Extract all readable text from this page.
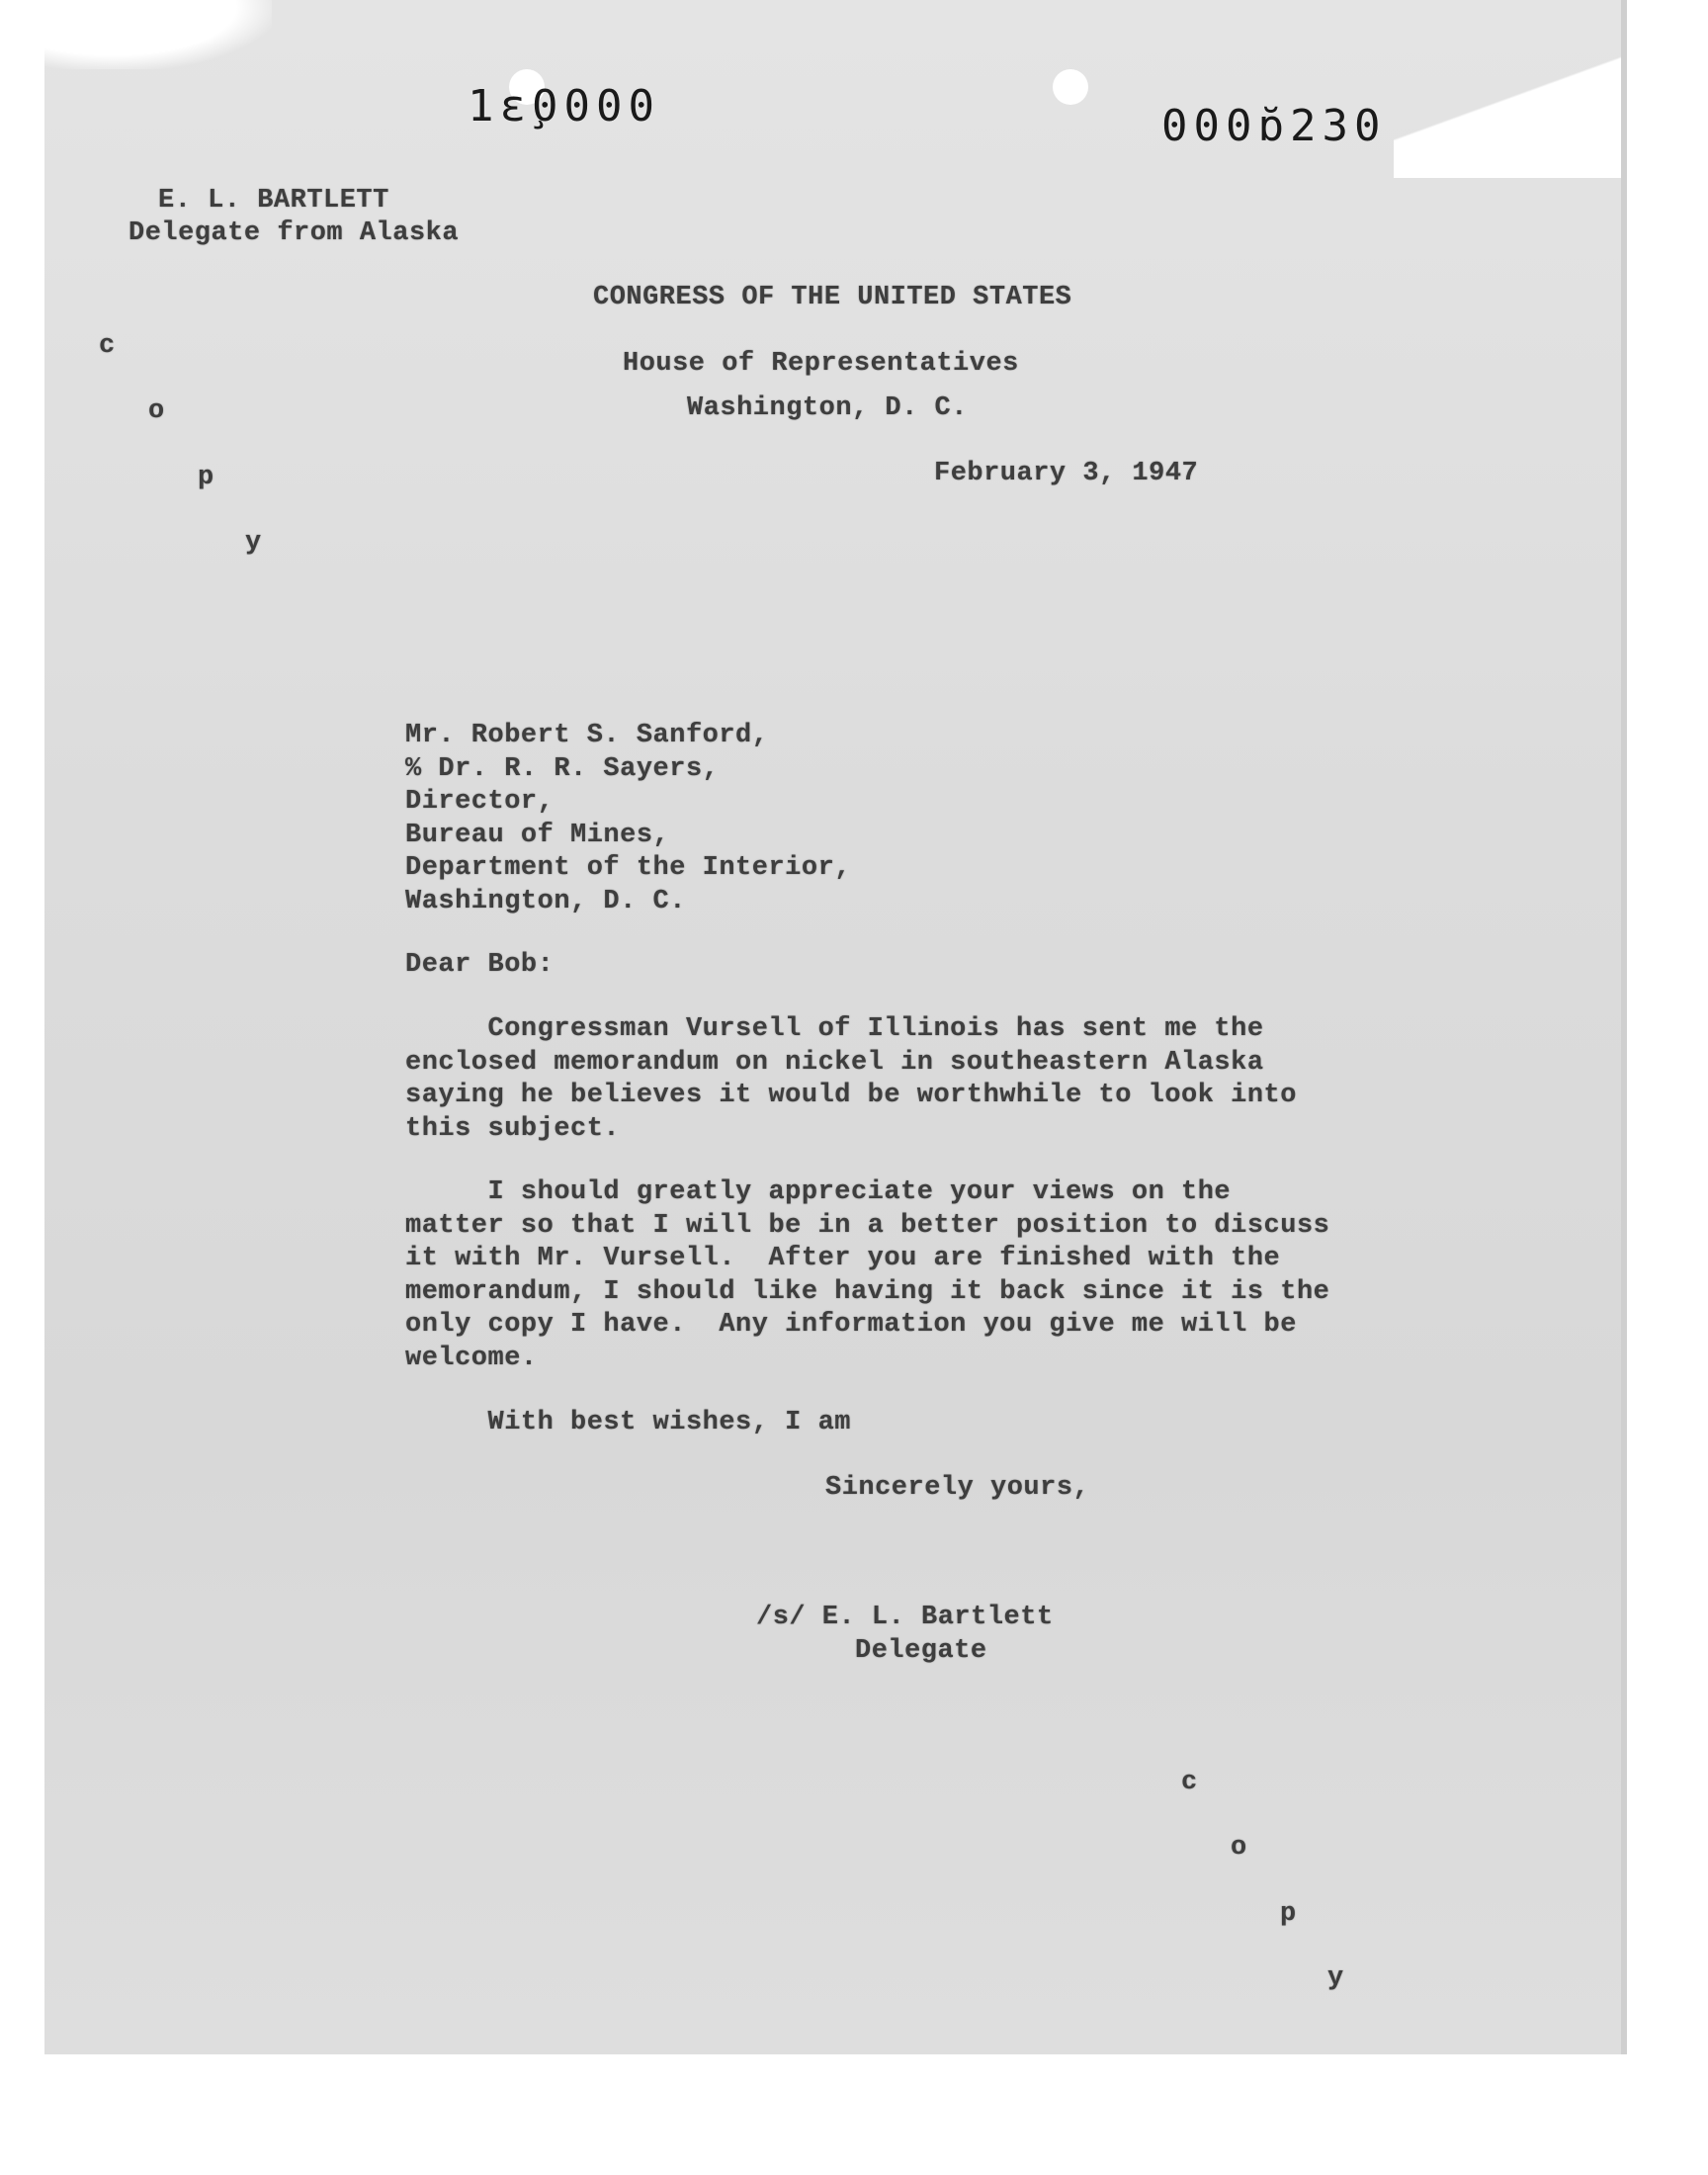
1ɛ̧0000	000ɒ̆230
E. L. BARTLETT
Delegate from Alaska
CONGRESS OF THE UNITED STATES
House of Representatives
Washington, D. C.
February 3, 1947
c
o
p
y
Mr. Robert S. Sanford,
% Dr. R. R. Sayers,
Director,
Bureau of Mines,
Department of the Interior,
Washington, D. C.
Dear Bob:
Congressman Vursell of Illinois has sent me the
enclosed memorandum on nickel in southeastern Alaska
saying he believes it would be worthwhile to look into
this subject.
I should greatly appreciate your views on the
matter so that I will be in a better position to discuss
it with Mr. Vursell.  After you are finished with the
memorandum, I should like having it back since it is the
only copy I have.  Any information you give me will be
welcome.
With best wishes, I am
Sincerely yours,
/s/ E. L. Bartlett
Delegate
c
o
p
y
